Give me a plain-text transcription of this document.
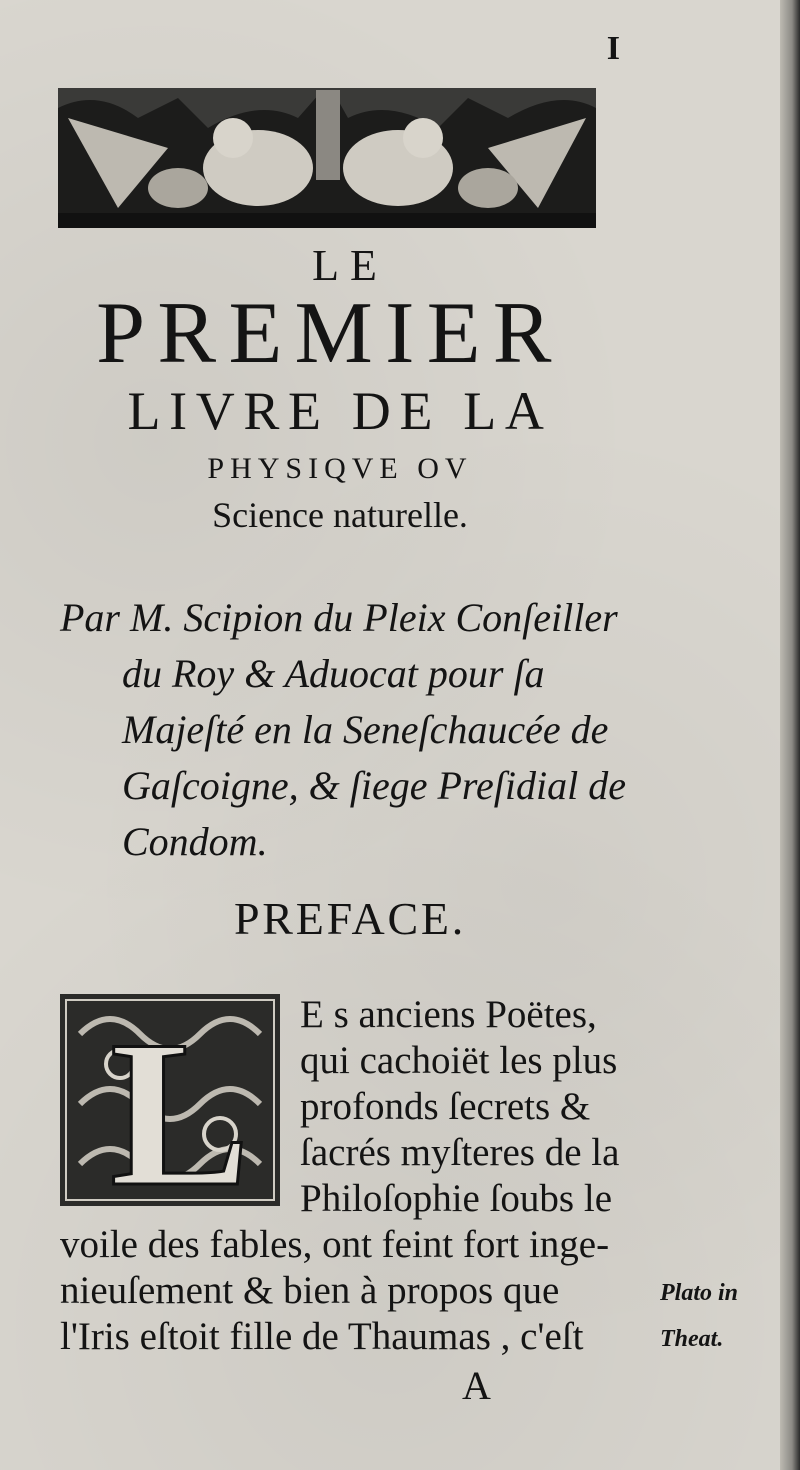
I
LE
PREMIER
LIVRE DE LA
PHYSIQVE OV
Science naturelle.
Par M. Scipion du Pleix Conſeiller
du Roy & Aduocat pour ſa
Majeſté en la Seneſchaucée de
Gaſcoigne, & ſiege Preſidial de
Condom.
PREFACE.
L	E s anciens Poëtes,
qui cachoiët les plus
profonds ſecrets &
ſacrés myſteres de la
Philoſophie ſoubs le
voile des fables, ont feint fort inge-
nieuſement & bien à propos que
l'Iris eſtoit fille de Thaumas , c'eſt
Plato in
Theat.
A
